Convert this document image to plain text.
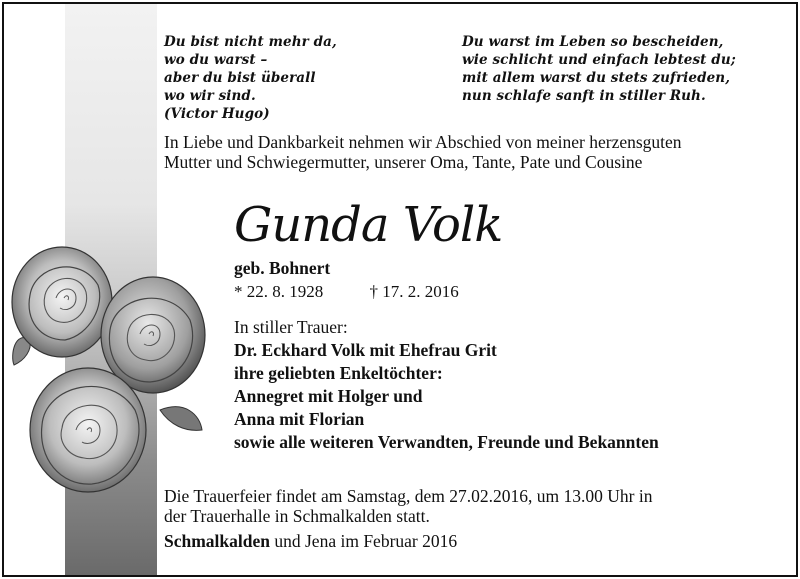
Du bist nicht mehr da,
wo du warst –
aber du bist überall
wo wir sind.
(Victor Hugo)
Du warst im Leben so bescheiden,
wie schlicht und einfach lebtest du;
mit allem warst du stets zufrieden,
nun schlafe sanft in stiller Ruh.
In Liebe und Dankbarkeit nehmen wir Abschied von meiner herzensguten
Mutter und Schwiegermutter, unserer Oma, Tante, Pate und Cousine
Gunda Volk
geb. Bohnert
* 22. 8. 1928	† 17. 2. 2016
In stiller Trauer:
Dr. Eckhard Volk mit Ehefrau Grit
ihre geliebten Enkeltöchter:
Annegret mit Holger und
Anna mit Florian
sowie alle weiteren Verwandten, Freunde und Bekannten
Die Trauerfeier findet am Samstag, dem 27.02.2016, um 13.00 Uhr in
der Trauerhalle in Schmalkalden statt.
Schmalkalden und Jena im Februar 2016
